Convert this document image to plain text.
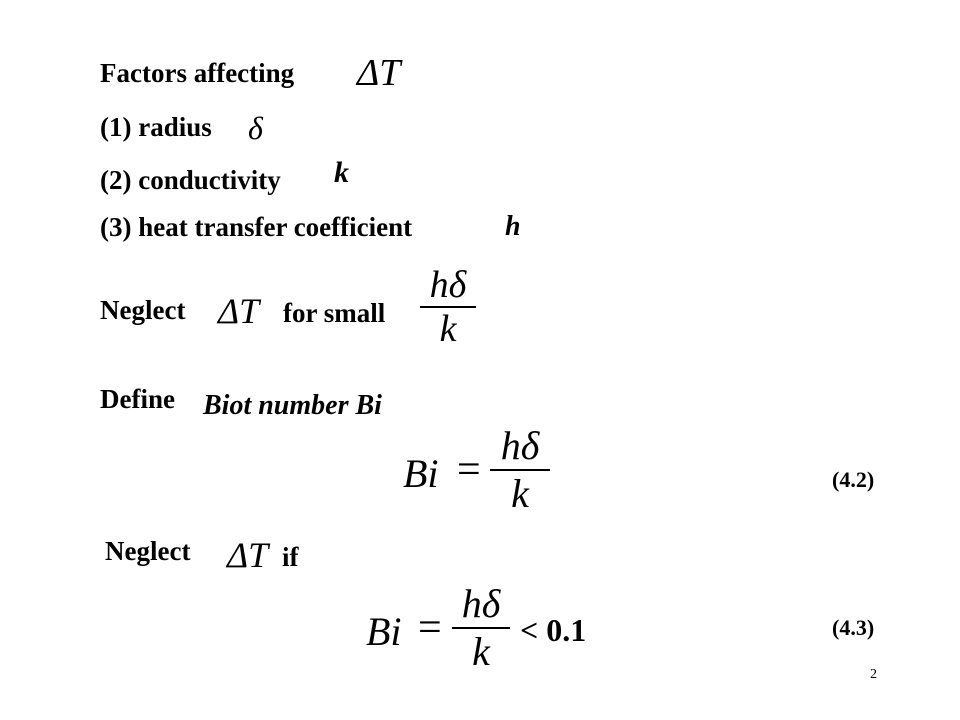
Factors affecting ΔT
(1) radius δ
(2) conductivity k
(3) heat transfer coefficient	h
Neglect ΔT for small
hδ
k
Define Biot number Bi
Bi =
hδ
k	(4.2)
Neglect ΔT if
Bi =
hδ
k < 0.1	(4.3)
2
